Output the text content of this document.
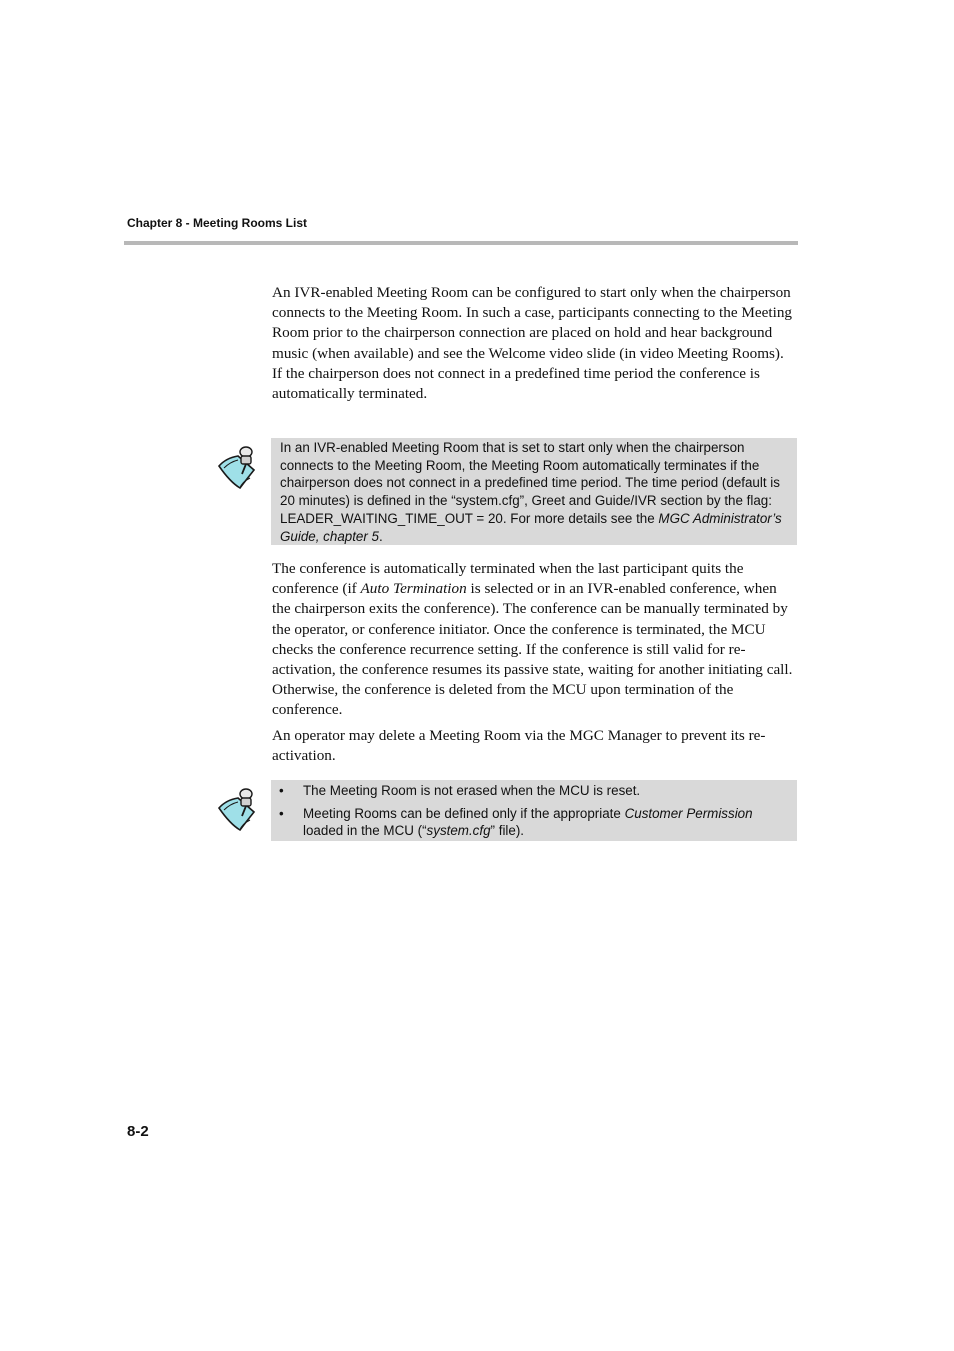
Chapter 8 - Meeting Rooms List

An IVR-enabled Meeting Room can be configured to start only when the chairperson connects to the Meeting Room. In such a case, participants connecting to the Meeting Room prior to the chairperson connection are placed on hold and hear background music (when available) and see the Welcome video slide (in video Meeting Rooms). If the chairperson does not connect in a predefined time period the conference is automatically terminated.

In an IVR-enabled Meeting Room that is set to start only when the chairperson connects to the Meeting Room, the Meeting Room automatically terminates if the chairperson does not connect in a predefined time period. The time period (default is 20 minutes) is defined in the “system.cfg”, Greet and Guide/IVR section by the flag: LEADER_WAITING_TIME_OUT = 20. For more details see the MGC Administrator’s Guide, chapter 5.

The conference is automatically terminated when the last participant quits the conference (if Auto Termination is selected or in an IVR-enabled conference, when the chairperson exits the conference). The conference can be manually terminated by the operator, or conference initiator. Once the conference is terminated, the MCU checks the conference recurrence setting. If the conference is still valid for re-activation, the conference resumes its passive state, waiting for another initiating call. Otherwise, the conference is deleted from the MCU upon termination of the conference.

An operator may delete a Meeting Room via the MGC Manager to prevent its re-activation.

• The Meeting Room is not erased when the MCU is reset.
• Meeting Rooms can be defined only if the appropriate Customer Permission loaded in the MCU (“system.cfg” file).
8-2
